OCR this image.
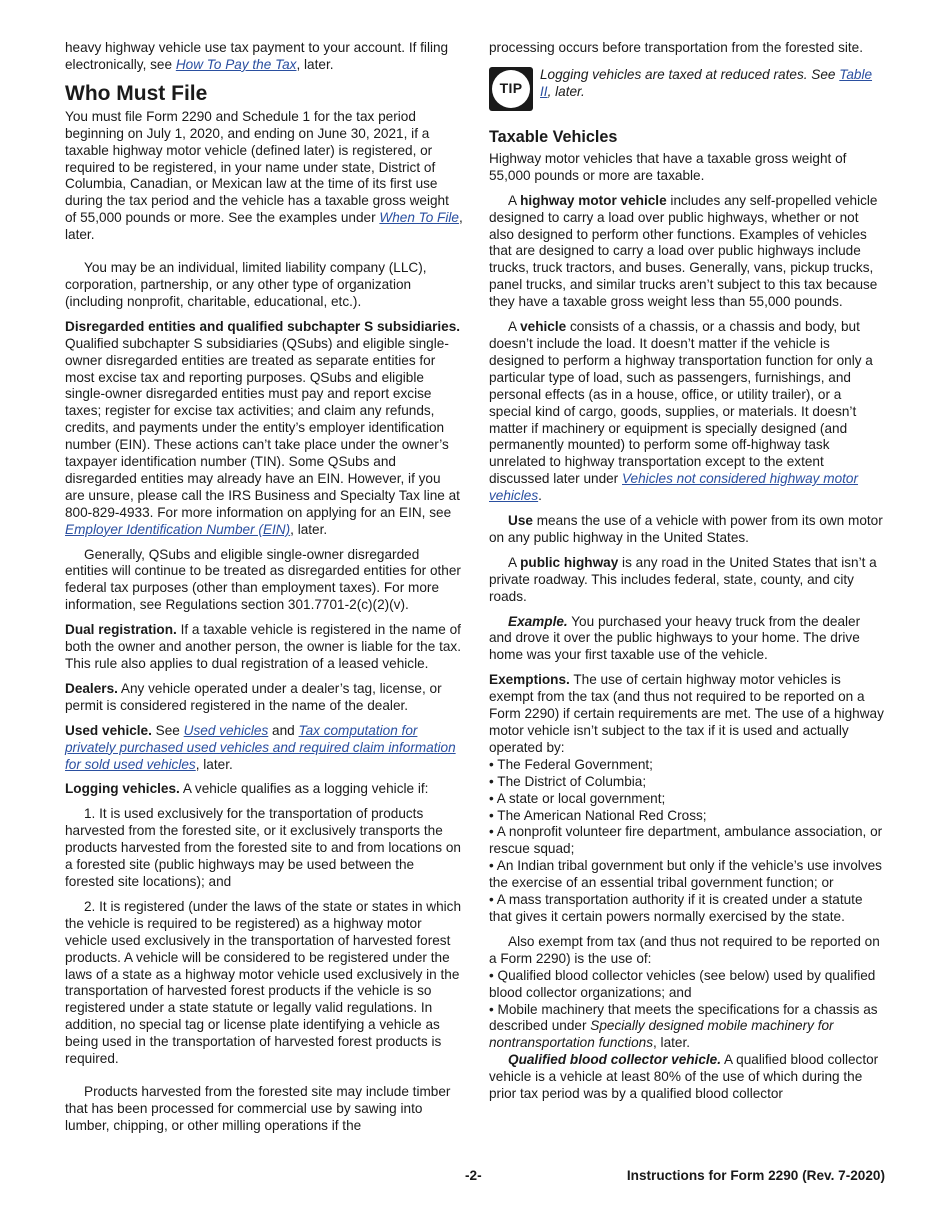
heavy highway vehicle use tax payment to your account. If filing electronically, see How To Pay the Tax, later.

Who Must File

You must file Form 2290 and Schedule 1 for the tax period beginning on July 1, 2020, and ending on June 30, 2021, if a taxable highway motor vehicle (defined later) is registered, or required to be registered, in your name under state, District of Columbia, Canadian, or Mexican law at the time of its first use during the tax period and the vehicle has a taxable gross weight of 55,000 pounds or more. See the examples under When To File, later.

You may be an individual, limited liability company (LLC), corporation, partnership, or any other type of organization (including nonprofit, charitable, educational, etc.).

Disregarded entities and qualified subchapter S subsidiaries. Qualified subchapter S subsidiaries (QSubs) and eligible single-owner disregarded entities are treated as separate entities for most excise tax and reporting purposes. QSubs and eligible single-owner disregarded entities must pay and report excise taxes; register for excise tax activities; and claim any refunds, credits, and payments under the entity’s employer identification number (EIN). These actions can’t take place under the owner’s taxpayer identification number (TIN). Some QSubs and disregarded entities may already have an EIN. However, if you are unsure, please call the IRS Business and Specialty Tax line at 800-829-4933. For more information on applying for an EIN, see Employer Identification Number (EIN), later.

Generally, QSubs and eligible single-owner disregarded entities will continue to be treated as disregarded entities for other federal tax purposes (other than employment taxes). For more information, see Regulations section 301.7701-2(c)(2)(v).

Dual registration. If a taxable vehicle is registered in the name of both the owner and another person, the owner is liable for the tax. This rule also applies to dual registration of a leased vehicle.

Dealers. Any vehicle operated under a dealer’s tag, license, or permit is considered registered in the name of the dealer.

Used vehicle. See Used vehicles and Tax computation for privately purchased used vehicles and required claim information for sold used vehicles, later.

Logging vehicles. A vehicle qualifies as a logging vehicle if:

1. It is used exclusively for the transportation of products harvested from the forested site, or it exclusively transports the products harvested from the forested site to and from locations on a forested site (public highways may be used between the forested site locations); and

2. It is registered (under the laws of the state or states in which the vehicle is required to be registered) as a highway motor vehicle used exclusively in the transportation of harvested forest products. A vehicle will be considered to be registered under the laws of a state as a highway motor vehicle used exclusively in the transportation of harvested forest products if the vehicle is so registered under a state statute or legally valid regulations. In addition, no special tag or license plate identifying a vehicle as being used in the transportation of harvested forest products is required.

Products harvested from the forested site may include timber that has been processed for commercial use by sawing into lumber, chipping, or other milling operations if the

processing occurs before transportation from the forested site.

TIP
Logging vehicles are taxed at reduced rates. See Table II, later.
Taxable Vehicles

Highway motor vehicles that have a taxable gross weight of 55,000 pounds or more are taxable.

A highway motor vehicle includes any self-propelled vehicle designed to carry a load over public highways, whether or not also designed to perform other functions. Examples of vehicles that are designed to carry a load over public highways include trucks, truck tractors, and buses. Generally, vans, pickup trucks, panel trucks, and similar trucks aren’t subject to this tax because they have a taxable gross weight less than 55,000 pounds.

A vehicle consists of a chassis, or a chassis and body, but doesn’t include the load. It doesn’t matter if the vehicle is designed to perform a highway transportation function for only a particular type of load, such as passengers, furnishings, and personal effects (as in a house, office, or utility trailer), or a special kind of cargo, goods, supplies, or materials. It doesn’t matter if machinery or equipment is specially designed (and permanently mounted) to perform some off-highway task unrelated to highway transportation except to the extent discussed later under Vehicles not considered highway motor vehicles.

Use means the use of a vehicle with power from its own motor on any public highway in the United States.

A public highway is any road in the United States that isn’t a private roadway. This includes federal, state, county, and city roads.

Example. You purchased your heavy truck from the dealer and drove it over the public highways to your home. The drive home was your first taxable use of the vehicle.

Exemptions. The use of certain highway motor vehicles is exempt from the tax (and thus not required to be reported on a Form 2290) if certain requirements are met. The use of a highway motor vehicle isn’t subject to the tax if it is used and actually operated by:

• The Federal Government;
• The District of Columbia;
• A state or local government;
• The American National Red Cross;
• A nonprofit volunteer fire department, ambulance association, or rescue squad;
• An Indian tribal government but only if the vehicle’s use involves the exercise of an essential tribal government function; or
• A mass transportation authority if it is created under a statute that gives it certain powers normally exercised by the state.

Also exempt from tax (and thus not required to be reported on a Form 2290) is the use of:

• Qualified blood collector vehicles (see below) used by qualified blood collector organizations; and
• Mobile machinery that meets the specifications for a chassis as described under Specially designed mobile machinery for nontransportation functions, later.

Qualified blood collector vehicle. A qualified blood collector vehicle is a vehicle at least 80% of the use of which during the prior tax period was by a qualified blood collector

-2-	Instructions for Form 2290 (Rev. 7-2020)
